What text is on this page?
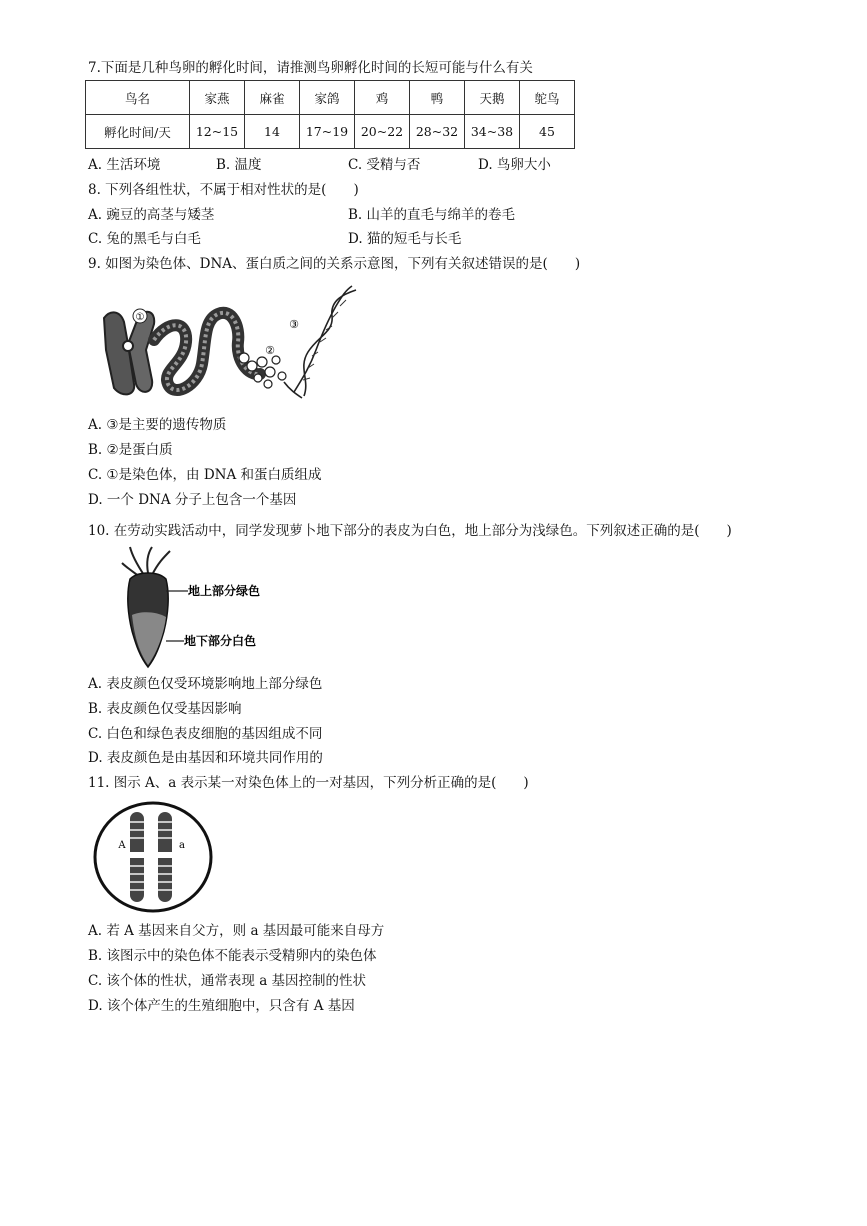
7.下面是几种鸟卵的孵化时间，请推测鸟卵孵化时间的长短可能与什么有关
鸟名	家燕	麻雀	家鸽	鸡	鸭	天鹅	鸵鸟
孵化时间/天	12~15	14	17~19	20~22	28~32	34~38	45
A. 生活环境	B. 温度	C. 受精与否	D. 鸟卵大小
8. 下列各组性状，不属于相对性状的是(　　)
A. 豌豆的高茎与矮茎	B. 山羊的直毛与绵羊的卷毛
C. 兔的黑毛与白毛	D. 猫的短毛与长毛
9. 如图为染色体、DNA、蛋白质之间的关系示意图，下列有关叙述错误的是(　　)
①
②
③
A. ③是主要的遗传物质
B. ②是蛋白质
C. ①是染色体，由 DNA 和蛋白质组成
D. 一个 DNA 分子上包含一个基因
10. 在劳动实践活动中，同学发现萝卜地下部分的表皮为白色，地上部分为浅绿色。下列叙述正确的是(　　)
地上部分绿色
地下部分白色
A. 表皮颜色仅受环境影响地上部分绿色
B. 表皮颜色仅受基因影响
C. 白色和绿色表皮细胞的基因组成不同
D. 表皮颜色是由基因和环境共同作用的
11. 图示 A、a 表示某一对染色体上的一对基因，下列分析正确的是(　　)
A	a
A. 若 A 基因来自父方，则 a 基因最可能来自母方
B. 该图示中的染色体不能表示受精卵内的染色体
C. 该个体的性状，通常表现 a 基因控制的性状
D. 该个体产生的生殖细胞中，只含有 A 基因
